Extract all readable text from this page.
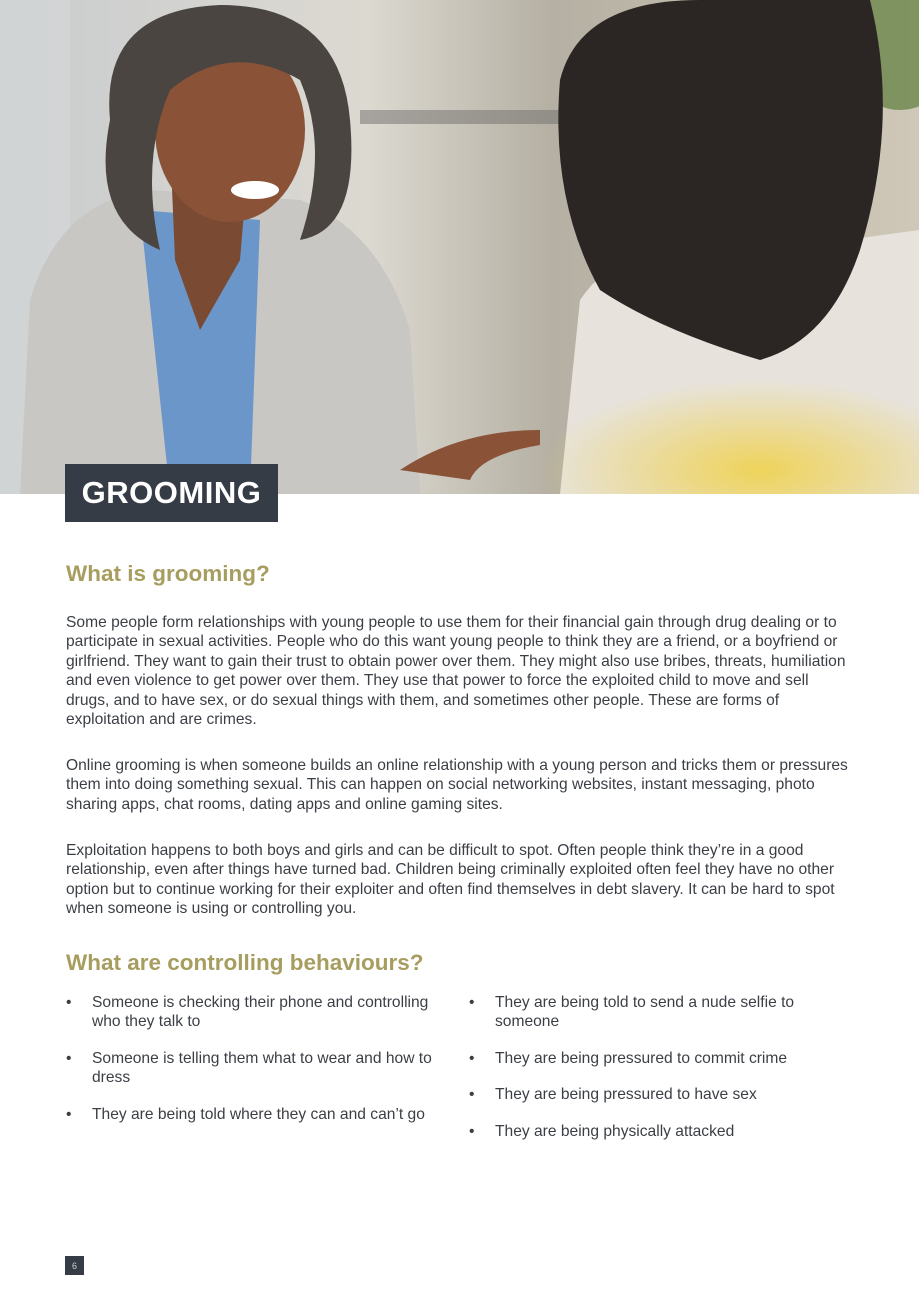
GROOMING
What is grooming?

Some people form relationships with young people to use them for their financial gain through drug dealing or to participate in sexual activities. People who do this want young people to think they are a friend, or a boyfriend or girlfriend. They want to gain their trust to obtain power over them. They might also use bribes, threats, humiliation and even violence to get power over them. They use that power to force the exploited child to move and sell drugs, and to have sex, or do sexual things with them, and sometimes other people. These are forms of exploitation and are crimes.

Online grooming is when someone builds an online relationship with a young person and tricks them or pressures them into doing something sexual. This can happen on social networking websites, instant messaging, photo sharing apps, chat rooms, dating apps and online gaming sites.

Exploitation happens to both boys and girls and can be difficult to spot. Often people think they’re in a good relationship, even after things have turned bad. Children being criminally exploited often feel they have no other option but to continue working for their exploiter and often find themselves in debt slavery. It can be hard to spot when someone is using or controlling you.

What are controlling behaviours?
• Someone is checking their phone and controlling who they talk to
• Someone is telling them what to wear and how to dress
• They are being told where they can and can’t go
• They are being told to send a nude selfie to someone
• They are being pressured to commit crime
• They are being pressured to have sex
• They are being physically attacked
6
